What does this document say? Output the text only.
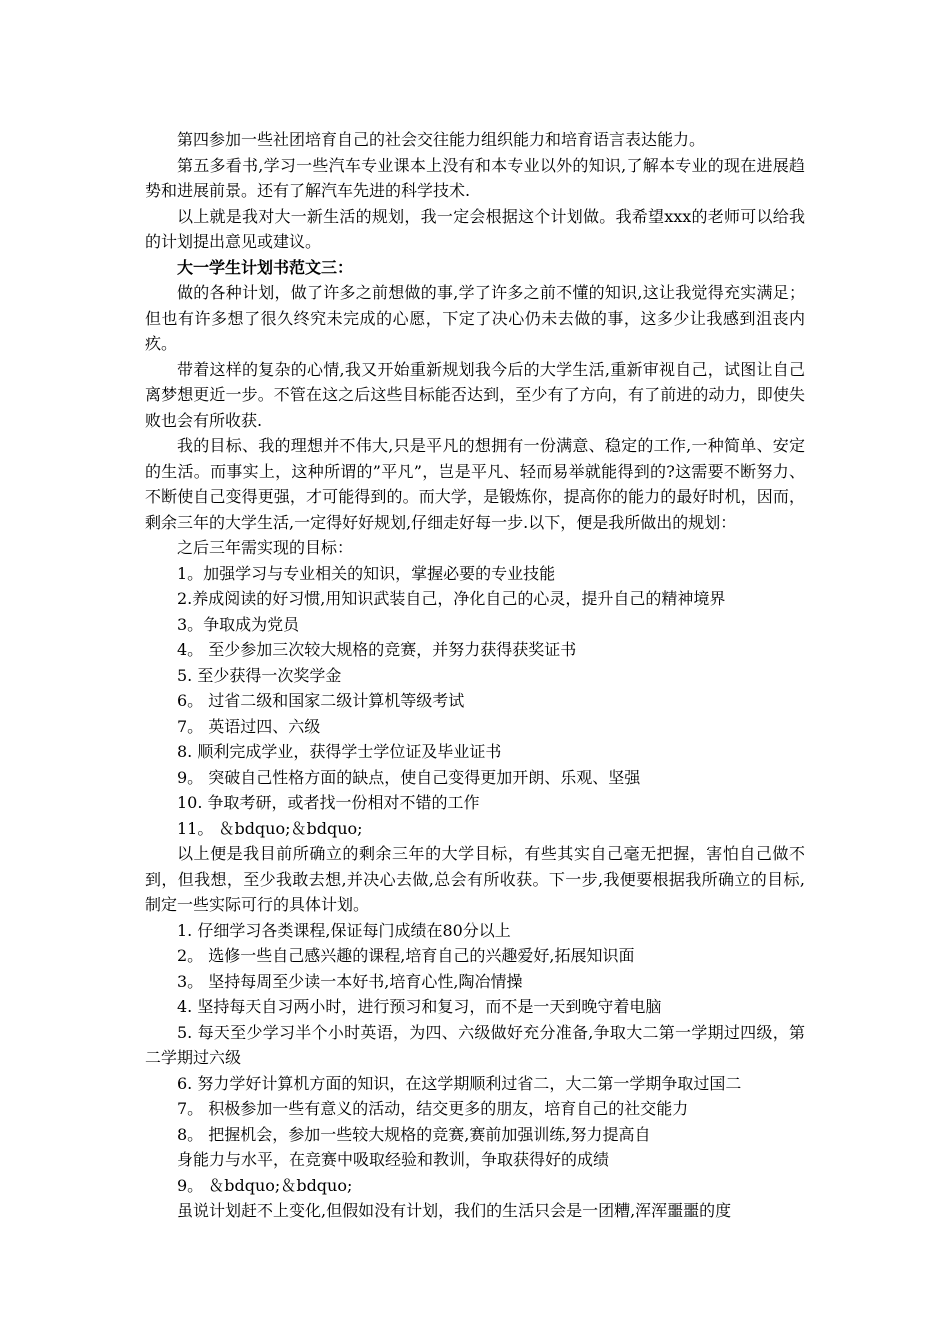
第四参加一些社团培育自己的社会交往能力组织能力和培育语言表达能力。

第五多看书,学习一些汽车专业课本上没有和本专业以外的知识,了解本专业的现在进展趋势和进展前景。还有了解汽车先进的科学技术.

以上就是我对大一新生活的规划，我一定会根据这个计划做。我希望xxx的老师可以给我的计划提出意见或建议。

大一学生计划书范文三：

做的各种计划，做了许多之前想做的事,学了许多之前不懂的知识,这让我觉得充实满足；但也有许多想了很久终究未完成的心愿，下定了决心仍未去做的事，这多少让我感到沮丧内疚。

带着这样的复杂的心情,我又开始重新规划我今后的大学生活,重新审视自己，试图让自己离梦想更近一步。不管在这之后这些目标能否达到，至少有了方向，有了前进的动力，即使失败也会有所收获.

我的目标、我的理想并不伟大,只是平凡的想拥有一份满意、稳定的工作,一种简单、安定的生活。而事实上，这种所谓的”平凡”，岂是平凡、轻而易举就能得到的?这需要不断努力、不断使自己变得更强，才可能得到的。而大学，是锻炼你，提高你的能力的最好时机，因而，剩余三年的大学生活,一定得好好规划,仔细走好每一步.以下，便是我所做出的规划：

之后三年需实现的目标：

1。加强学习与专业相关的知识，掌握必要的专业技能

2.养成阅读的好习惯,用知识武装自己，净化自己的心灵，提升自己的精神境界

3。争取成为党员

4。 至少参加三次较大规格的竞赛，并努力获得获奖证书

5. 至少获得一次奖学金

6。 过省二级和国家二级计算机等级考试

7。 英语过四、六级

8. 顺利完成学业，获得学士学位证及毕业证书

9。 突破自己性格方面的缺点，使自己变得更加开朗、乐观、坚强

10. 争取考研，或者找一份相对不错的工作

11。 ＆bdquo;＆bdquo;

以上便是我目前所确立的剩余三年的大学目标，有些其实自己毫无把握，害怕自己做不到，但我想，至少我敢去想,并决心去做,总会有所收获。下一步,我便要根据我所确立的目标,制定一些实际可行的具体计划。

1. 仔细学习各类课程,保证每门成绩在80分以上

2。 选修一些自己感兴趣的课程,培育自己的兴趣爱好,拓展知识面

3。 坚持每周至少读一本好书,培育心性,陶冶情操

4. 坚持每天自习两小时，进行预习和复习，而不是一天到晚守着电脑

5. 每天至少学习半个小时英语，为四、六级做好充分准备,争取大二第一学期过四级，第二学期过六级

6. 努力学好计算机方面的知识，在这学期顺利过省二，大二第一学期争取过国二

7。 积极参加一些有意义的活动，结交更多的朋友，培育自己的社交能力

8。 把握机会，参加一些较大规格的竞赛,赛前加强训练,努力提高自

身能力与水平，在竞赛中吸取经验和教训，争取获得好的成绩

9。 ＆bdquo;＆bdquo;

虽说计划赶不上变化,但假如没有计划，我们的生活只会是一团糟,浑浑噩噩的度
